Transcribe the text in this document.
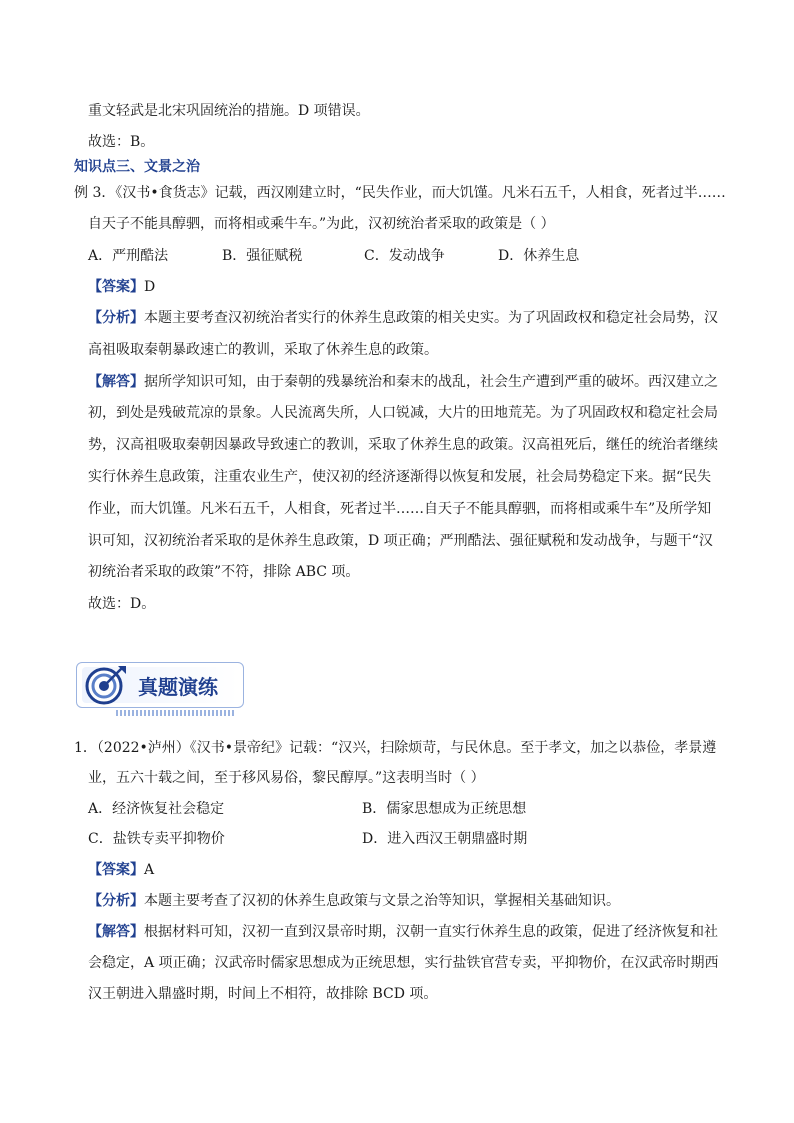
重文轻武是北宋巩固统治的措施。D 项错误。
故选：B。
知识点三、文景之治
例 3．《汉书•食货志》记载，西汉刚建立时，“民失作业，而大饥馑。凡米石五千，人相食，死者过半……
自天子不能具醇驷，而将相或乘牛车。”为此，汉初统治者采取的政策是（ ）
A．严刑酷法	B．强征赋税	C．发动战争	D．休养生息
【答案】D
【分析】本题主要考查汉初统治者实行的休养生息政策的相关史实。为了巩固政权和稳定社会局势，汉
高祖吸取秦朝暴政速亡的教训，采取了休养生息的政策。
【解答】据所学知识可知，由于秦朝的残暴统治和秦末的战乱，社会生产遭到严重的破坏。西汉建立之
初，到处是残破荒凉的景象。人民流离失所，人口锐减，大片的田地荒芜。为了巩固政权和稳定社会局
势，汉高祖吸取秦朝因暴政导致速亡的教训，采取了休养生息的政策。汉高祖死后，继任的统治者继续
实行休养生息政策，注重农业生产，使汉初的经济逐渐得以恢复和发展，社会局势稳定下来。据“民失
作业，而大饥馑。凡米石五千，人相食，死者过半……自天子不能具醇驷，而将相或乘牛车”及所学知
识可知，汉初统治者采取的是休养生息政策，D 项正确；严刑酷法、强征赋税和发动战争，与题干“汉
初统治者采取的政策”不符，排除 ABC 项。
故选：D。
真题演练
1．（2022•泸州）《汉书•景帝纪》记载：“汉兴，扫除烦苛，与民休息。至于孝文，加之以恭俭，孝景遵
业，五六十载之间，至于移风易俗，黎民醇厚。”这表明当时（ ）
A．经济恢复社会稳定	B．儒家思想成为正统思想
C．盐铁专卖平抑物价	D．进入西汉王朝鼎盛时期
【答案】A
【分析】本题主要考查了汉初的休养生息政策与文景之治等知识，掌握相关基础知识。
【解答】根据材料可知，汉初一直到汉景帝时期，汉朝一直实行休养生息的政策，促进了经济恢复和社
会稳定，A 项正确；汉武帝时儒家思想成为正统思想，实行盐铁官营专卖，平抑物价，在汉武帝时期西
汉王朝进入鼎盛时期，时间上不相符，故排除 BCD 项。
